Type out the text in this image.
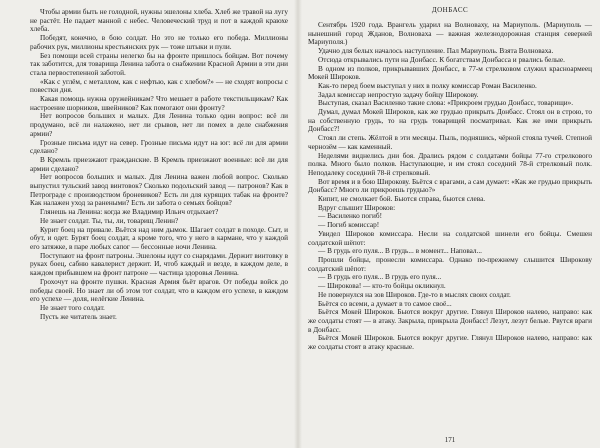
Чтобы армии быть не голодной, нужны эшелоны хлеба. Хлеб же травой на лугу не растёт. Не падает манной с небес. Человеческий труд и пот в каждой краюхе хлеба.

Победят, конечно, в бою солдат. Но это не только его победа. Миллионы рабочих рук, миллионы крестьянских рук — тоже штыки и пули.

Без помощи всей страны нелегко бы на фронте пришлось бойцам. Вот почему так заботится, для товарища Ленина забота о снабжении Красной Армии в эти дни стала первостепенной заботой.

«Как с углём, с металлом, как с нефтью, как с хлебом?» — не сходят вопросы с повестки дня.

Какая помощь нужна оружейникам? Что мешает в работе текстильщикам? Как настроение шорников, швейников? Как помогают они фронту?

Нет вопросов больших и малых. Для Ленина только один вопрос: всё ли продумано, всё ли налажено, нет ли срывов, нет ли помех в деле снабжения армии?

Грозные письма идут на север. Грозные письма идут на юг: всё ли для армии сделано?

В Кремль приезжают гражданские. В Кремль приезжают военные: всё ли для армии сделано?

Нет вопросов больших и малых. Для Ленина важен любой вопрос. Сколько выпустил тульский завод винтовок? Сколько подольский завод — патронов? Как в Петрограде с производством броневиков? Есть ли для курящих табак на фронте? Как налажен уход за ранеными? Есть ли забота о семьях бойцов?

Глянешь на Ленина: когда же Владимир Ильич отдыхает?

Не знает солдат. Ты, ты, ли, товарищ Ленин?

Курит боец на привале. Вьётся над ним дымок. Шагает солдат в походе. Сыт, и обут, и одет. Бурят боец солдат, а кроме того, что у него в кармане, что у каждой его затяжке, в паре любых сапог — бессонные ночи Ленина.

Поступают на фронт патроны. Эшелоны идут со снарядами. Держит винтовку в руках боец, сабню кавалерист держит. И, чтоб каждый и везде, в каждом деле, в каждом прибывшем на фронт патроне — частица здоровья Ленина.

Грохочут на фронте пушки. Красная Армия бьёт врагов. От победы войск до победы своей. Но знает ли об этом тот солдат, что в каждом его успехе, в каждом его успехе — доля, нелёгкие Ленина.

Не знает того солдат.

Пусть же читатель знает.

ДОНБАСС

Сентябрь 1920 года. Врангель ударил на Волноваху, на Мариуполь. (Мариуполь — нынешний город Жданов, Волноваха — важная железнодорожная станция северней Мариуполя.)

Удачно для белых началось наступление. Пал Мариуполь. Взята Волноваха.

Отсюда открывались пути на Донбасс. К богатствам Донбасса и рвались белые.

В одном из полков, прикрывавших Донбасс, в 77-м стрелковом служил красноармеец Мокей Широков.

Как-то перед боем выступал у них в полку комиссар Роман Василенко.

Задал комиссар непростую задачу бойцу Широкову.

Выступая, сказал Василенко такие слова: «Прикроем грудью Донбасс, товарищи».

Думал, думал Мокей Широков, как же грудью прикрыть Донбасс. Стоял он в строю, то на собственную грудь, то на грудь товарищей посматривал. Как же ими прикрыть Донбасс?!

Стоял ли степь. Жёлтой в эти месяцы. Пыль, подняшись, чёрной стояла тучей. Степной чернозём — как каменный.

Неделями виднелись дни боя. Дрались рядом с солдатами бойцы 77-го стрелкового полка. Много было полков. Наступающие, и им стоял соседний 78-й стрелковый полк. Неподалеку соседний 78-й стрелковый.

Вот время и в бою Широкову. Бьётся с врагами, а сам думает: «Как же грудью прикрыть Донбасс? Много ли прикроешь грудью?»

Кипит, не смолкает бой. Бьются справа, бьются слева.

Вдруг слышит Широков:

— Василенко погиб!

— Погиб комиссар!

Увидел Широков комиссара. Несли на солдатской шинели его бойцы. Смешен солдатской шёпот:

— В грудь его пуля... В грудь... в момент... Наповал...

Прошли бойцы, пронесли комиссара. Однако по-прежнему слышится Широкову солдатский шёпот:

— В грудь его пуля... В грудь его пуля...

— Широкова! — кто-то бойцы окликнул.

Не повернулся на зов Широков. Где-то в мыслях своих солдат.

Бьётся со всеми, а думает в то самое своё...

Бьётся Мокей Широков. Бьются вокруг другие. Глянул Широков налево, направо: как же солдаты стоят — в атаку. Закрыла, прикрыла Донбасс! Лезут, лезут белые. Рвутся враги в Донбасс.

Бьётся Мокей Широков. Бьются вокруг другие. Глянул Широков налево, направо: как же солдаты стоят в атаку красные.

171
